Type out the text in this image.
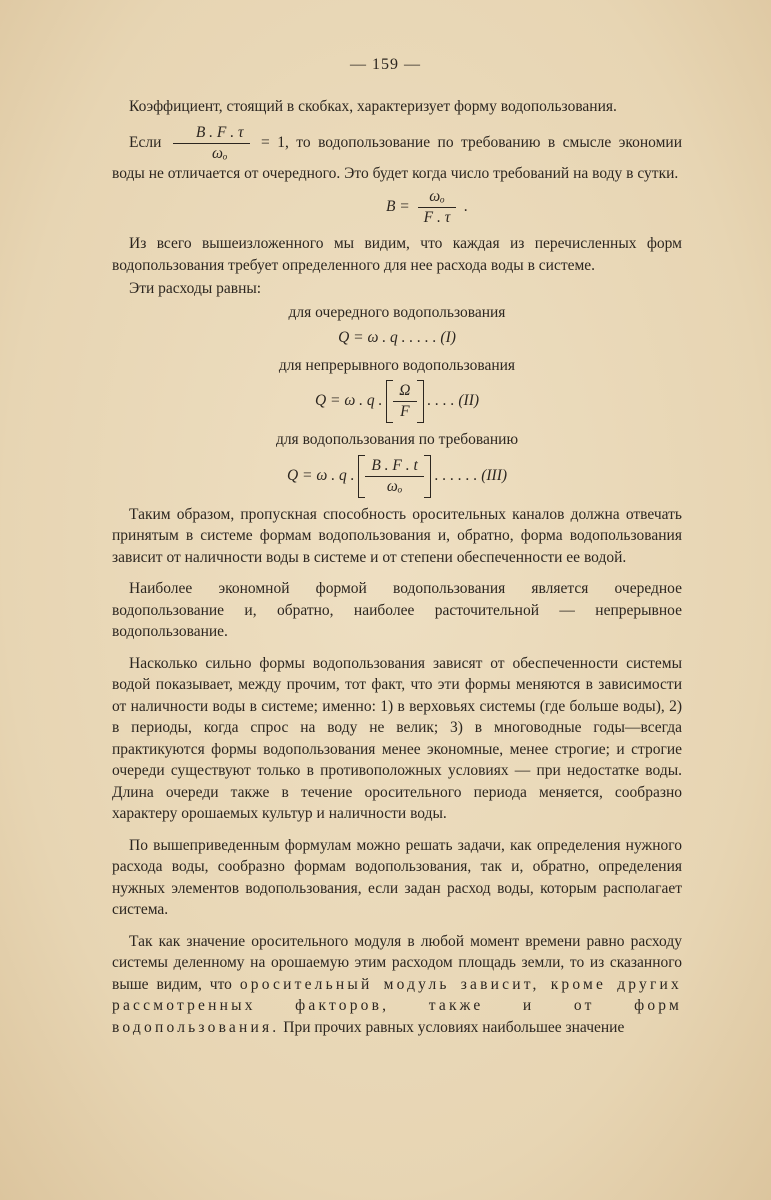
— 159 —

Коэффициент, стоящий в скобках, характеризует форму водопользования.

Если $\frac{B . F . \tau}{\text{ωₒ}} = 1$, то водопользование по требованию в смысле экономии воды не отличается от очередного. Это будет когда число требований на воду в сутки.

$B = \frac{\text{ωₒ}}{F . \tau}$ .

Из всего вышеизложенного мы видим, что каждая из перечисленных форм водопользования требует определенного для нее расхода воды в системе.

Эти расходы равны:

для очередного водопользования
Q = ω . q . . . . . (I)
для непрерывного водопользования
Q = ω . q . $\frac{\Omega}{F}$ . . . . (II)
для водопользования по требованию
Q = ω . q . $\frac{B . F . t}{\text{ωₒ}}$ . . . . . . (III)

Таким образом, пропускная способность оросительных каналов должна отвечать принятым в системе формам водопользования и, обратно, форма водопользования зависит от наличности воды в системе и от степени обеспеченности ее водой.

Наиболее экономной формой водопользования является очередное водопользование и, обратно, наиболее расточительной — непрерывное водопользование.

Насколько сильно формы водопользования зависят от обеспеченности системы водой показывает, между прочим, тот факт, что эти формы меняются в зависимости от наличности воды в системе; именно: 1) в верховьях системы (где больше воды), 2) в периоды, когда спрос на воду не велик; 3) в многоводные годы—всегда практикуются формы водопользования менее экономные, менее строгие; и строгие очереди существуют только в противоположных условиях — при недостатке воды. Длина очереди также в течение оросительного периода меняется, сообразно характеру орошаемых культур и наличности воды.

По вышеприведенным формулам можно решать задачи, как определения нужного расхода воды, сообразно формам водопользования, так и, обратно, определения нужных элементов водопользования, если задан расход воды, которым располагает система.

Так как значение оросительного модуля в любой момент времени равно расходу системы деленному на орошаемую этим расходом площадь земли, то из сказанного выше видим, что оросительный модуль зависит, кроме других рассмотренных факторов, также и от форм водопользования. При прочих равных условиях наибольшее значение
